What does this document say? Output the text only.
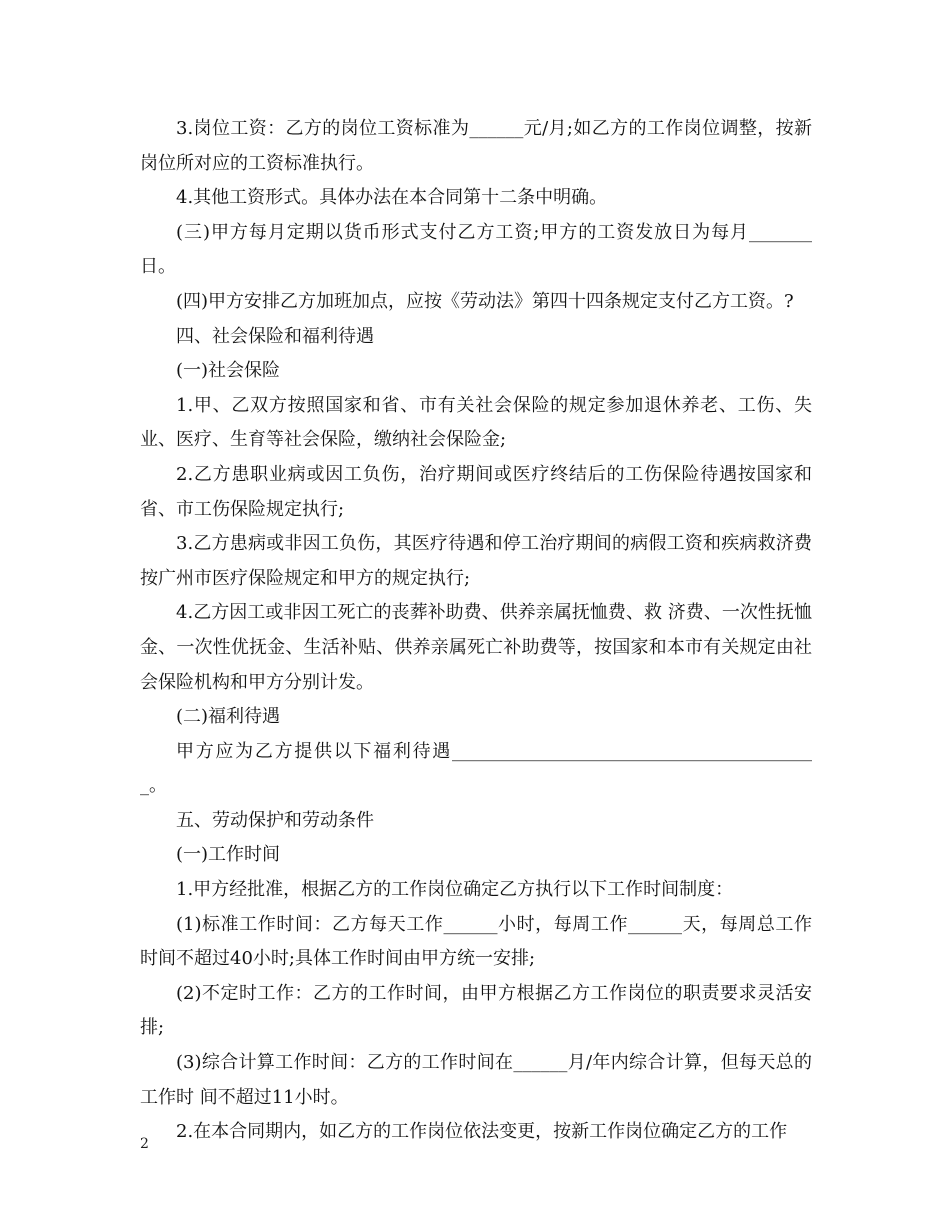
3.岗位工资：乙方的岗位工资标准为______元/月;如乙方的工作岗位调整，按新岗位所对应的工资标准执行。

4.其他工资形式。具体办法在本合同第十二条中明确。

(三)甲方每月定期以货币形式支付乙方工资;甲方的工资发放日为每月_______日。

(四)甲方安排乙方加班加点，应按《劳动法》第四十四条规定支付乙方工资。?

四、社会保险和福利待遇

(一)社会保险

1.甲、乙双方按照国家和省、市有关社会保险的规定参加退休养老、工伤、失业、医疗、生育等社会保险，缴纳社会保险金;

2.乙方患职业病或因工负伤，治疗期间或医疗终结后的工伤保险待遇按国家和省、市工伤保险规定执行;

3.乙方患病或非因工负伤，其医疗待遇和停工治疗期间的病假工资和疾病救济费按广州市医疗保险规定和甲方的规定执行;

4.乙方因工或非因工死亡的丧葬补助费、供养亲属抚恤费、救 济费、一次性抚恤金、一次性优抚金、生活补贴、供养亲属死亡补助费等，按国家和本市有关规定由社会保险机构和甲方分别计发。

(二)福利待遇

甲方应为乙方提供以下福利待遇_________________________________________。

五、劳动保护和劳动条件

(一)工作时间

1.甲方经批准，根据乙方的工作岗位确定乙方执行以下工作时间制度：

(1)标准工作时间：乙方每天工作______小时，每周工作______天，每周总工作时间不超过40小时;具体工作时间由甲方统一安排;

(2)不定时工作：乙方的工作时间，由甲方根据乙方工作岗位的职责要求灵活安排;

(3)综合计算工作时间：乙方的工作时间在______月/年内综合计算，但每天总的工作时 间不超过11小时。

2.在本合同期内，如乙方的工作岗位依法变更，按新工作岗位确定乙方的工作

2
